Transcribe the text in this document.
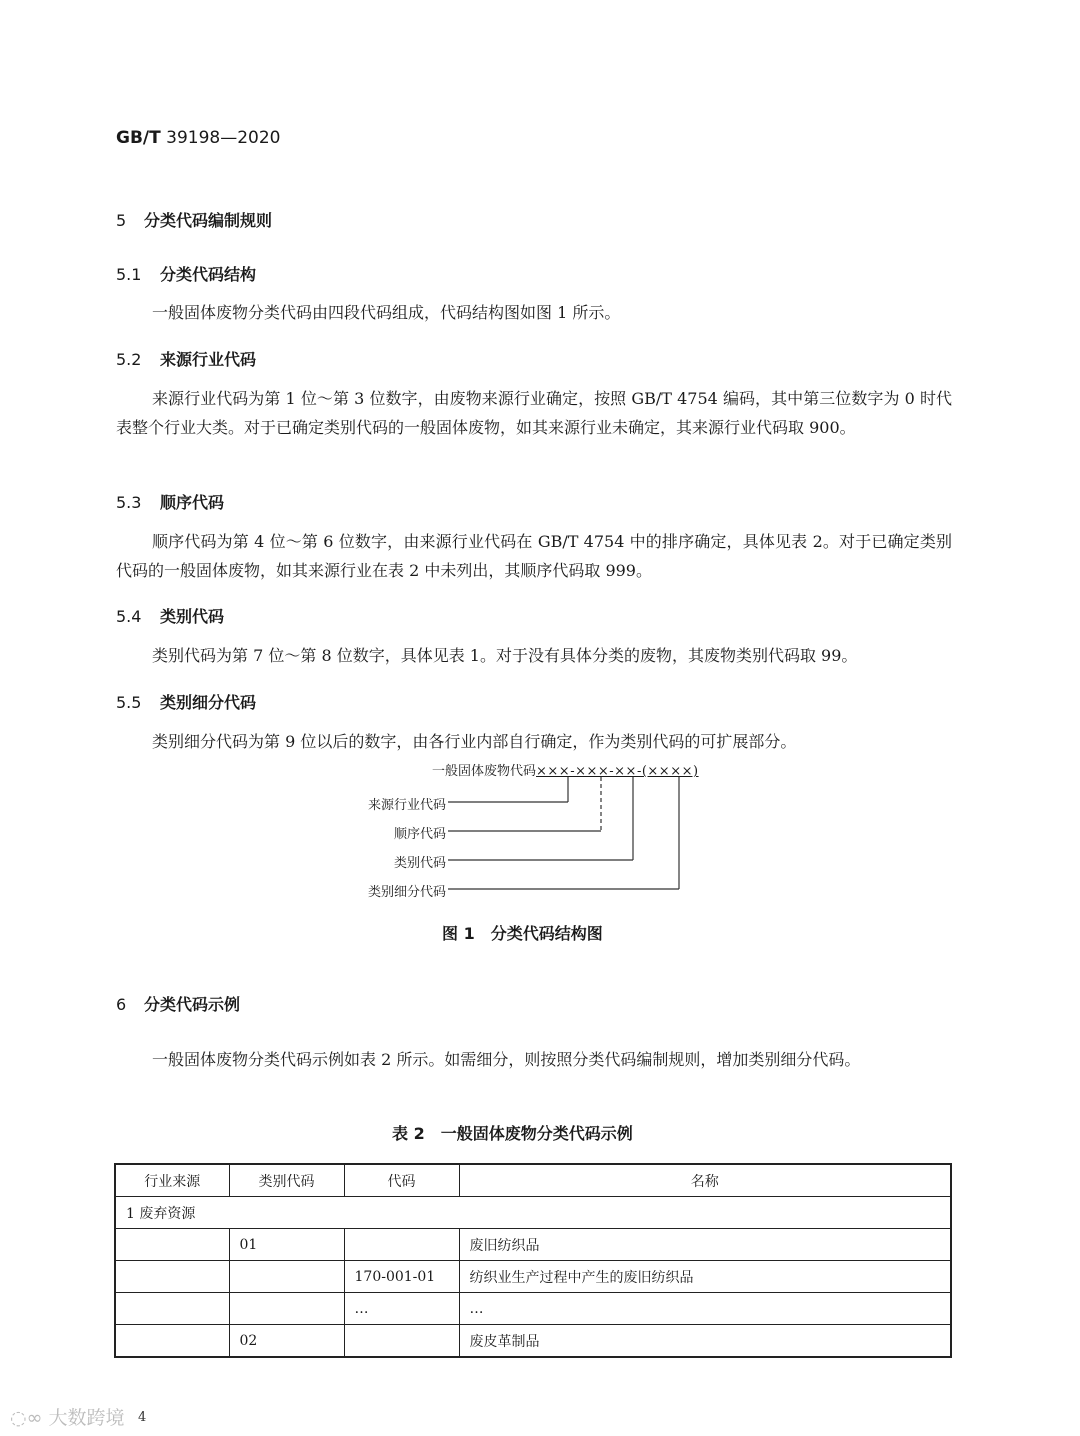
GB/T 39198—2020
5 分类代码编制规则
5.1 分类代码结构
一般固体废物分类代码由四段代码组成，代码结构图如图 1 所示。
5.2 来源行业代码
来源行业代码为第 1 位～第 3 位数字，由废物来源行业确定，按照 GB/T 4754 编码，其中第三位数字为 0 时代表整个行业大类。对于已确定类别代码的一般固体废物，如其来源行业未确定，其来源行业代码取 900。
5.3 顺序代码
顺序代码为第 4 位～第 6 位数字，由来源行业代码在 GB/T 4754 中的排序确定，具体见表 2。对于已确定类别代码的一般固体废物，如其来源行业在表 2 中未列出，其顺序代码取 999。
5.4 类别代码
类别代码为第 7 位～第 8 位数字，具体见表 1。对于没有具体分类的废物，其废物类别代码取 99。
5.5 类别细分代码
类别细分代码为第 9 位以后的数字，由各行业内部自行确定，作为类别代码的可扩展部分。
一般固体废物代码×××-×××-××-(××××)
来源行业代码
顺序代码
类别代码
类别细分代码
图 1　分类代码结构图
6 分类代码示例
一般固体废物分类代码示例如表 2 所示。如需细分，则按照分类代码编制规则，增加类别细分代码。
表 2　一般固体废物分类代码示例
行业来源	类别代码	代码	名称
1 废弃资源			
	01		废旧纺织品
		170-001-01	纺织业生产过程中产生的废旧纺织品
		…	…
	02		废皮革制品
◌∞ 大数跨境 4
